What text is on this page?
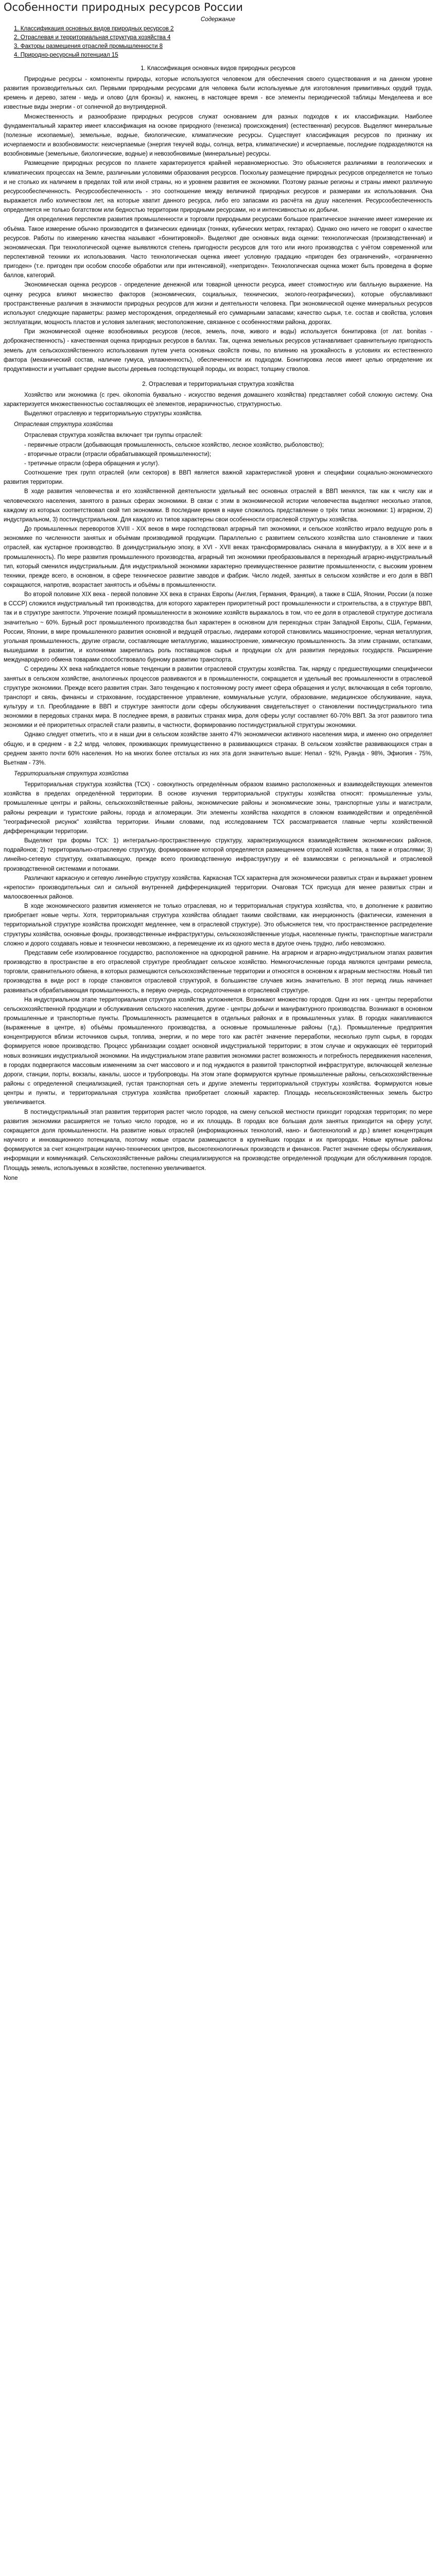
Особенности природных ресурсов России
Содержание
1. Классификация основных видов природных ресурсов 2
2. Отраслевая и территориальная структура хозяйства 4
3. Факторы размещения отраслей промышленности 8
4. Природно-ресурсный потенциал 15
1. Классификация основных видов природных ресурсов

Природные ресурсы - компоненты природы, которые используются человеком для обеспечения своего существования и на данном уровне развития производительных сил. Первыми природными ресурсами для человека были используемые для изготовления примитивных орудий труда, кремень и дерево, затем - медь и олово (для бронзы) и, наконец, в настоящее время - все элементы периодической таблицы Менделеева и все известные виды энергии - от солнечной до внутриядерной.

Множественность и разнообразие природных ресурсов служат основанием для разных подходов к их классификации. Наиболее фундаментальный характер имеет классификация на основе природного (генезиса) происхождения) (естественная) ресурсов. Выделяют минеральные (полезные ископаемые), земельные, водные, биологические, климатические ресурсы. Существует классификация ресурсов по признаку их исчерпаемости и возобновимости: неисчерпаемые (энергия текучей воды, солнца, ветра, климатические) и исчерпаемые, последние подразделяются на возобновимые (земельные, биологические, водные) и невозобновимые (минеральные) ресурсы.

Размещение природных ресурсов по планете характеризуется крайней неравномерностью. Это объясняется различиями в геологических и климатических процессах на Земле, различными условиями образования ресурсов. Поскольку размещение природных ресурсов определяется не только и не столько их наличием в пределах той или иной страны, но и уровнем развития ее экономики. Поэтому разные регионы и страны имеют различную ресурсообеспеченность. Ресурсообеспеченность - это соотношение между величиной природных ресурсов и размерами их использования. Она выражается либо количеством лет, на которые хватит данного ресурса, либо его запасами из расчёта на душу населения. Ресурсообеспеченность определяется не только богатством или бедностью территории природными ресурсами, но и интенсивностью их добычи.

Для определения перспектив развития промышленности и торговли природными ресурсами большое практическое значение имеет измерение их объёма. Такое измерение обычно производится в физических единицах (тоннах, кубических метрах, гектарах). Однако оно ничего не говорит о качестве ресурсов. Работы по измерению качества называют «бонитировкой». Выделяют две основных вида оценки: технологическая (производственная) и экономическая. При технологической оценке выявляются степень пригодности ресурсов для того или иного производства с учётом современной или перспективной техники их использования. Часто технологическая оценка имеет условную градацию «пригоден без ограничений», «ограниченно пригоден» (т.е. пригоден при особом способе обработки или при интенсивной), «непригоден». Технологическая оценка может быть проведена в форме баллов, категорий.

Экономическая оценка ресурсов - определение денежной или товарной ценности ресурса, имеет стоимостную или балльную выражение. На оценку ресурса влияют множество факторов (экономических, социальных, технических, эколого-географических), которые обуславливают пространственные различия в значимости природных ресурсов для жизни и деятельности человека. При экономической оценке минеральных ресурсов используют следующие параметры: размер месторождения, определяемый его суммарными запасами; качество сырья, т.е. состав и свойства, условия эксплуатации, мощность пластов и условия залегания; местоположение, связанное с особенностями района, дорогах.

При экономической оценке возобновимых ресурсов (лесов, земель, почв, живого и воды) используется бонитировка (от лат. bonitas - доброкачественность) - качественная оценка природных ресурсов в баллах. Так, оценка земельных ресурсов устанавливает сравнительную пригодность земель для сельскохозяйственного использования путем учета основных свойств почвы, по влиянию на урожайность в условиях их естественного фактора (механический состав, наличие гумуса, увлажненность), обеспеченности их подходом. Бонитировка лесов имеет целью определение их продуктивности и учитывает средние высоты деревьев господствующей породы, их возраст, толщину стволов.

2. Отраслевая и территориальная структура хозяйства

Хозяйство или экономика (с греч. oikonomia буквально - искусство ведения домашнего хозяйства) представляет собой сложную систему. Она характеризуется множественностью составляющих её элементов, иерархичностью, структурностью.

Выделяют отраслевую и территориальную структуры хозяйства.

Отраслевая структура хозяйства

Отраслевая структура хозяйства включает три группы отраслей:

- первичные отрасли (добывающая промышленность, сельское хозяйство, лесное хозяйство, рыболовство);
- вторичные отрасли (отрасли обрабатывающей промышленности);
- третичные отрасли (сфера обращения и услуг).

Соотношение трех групп отраслей (или секторов) в ВВП является важной характеристикой уровня и специфики социально-экономического развития территории.

В ходе развития человечества и его хозяйственной деятельности удельный вес основных отраслей в ВВП менялся, так как к числу как и человеческого населения, занятого в разных сферах экономики. В связи с этим в экономической истории человечества выделяют несколько этапов, каждому из которых соответствовал свой тип экономики. В последние время в науке сложилось представление о трёх типах экономики: 1) аграрном, 2) индустриальном, 3) постиндустриальном. Для каждого из типов характерны свои особенности отраслевой структуры хозяйства.

До промышленных переворотов XVIII - XIX веков в мире господствовал аграрный тип экономики, и сельское хозяйство играло ведущую роль в экономике по численности занятых и объёмам производимой продукции. Параллельно с развитием сельского хозяйства шло становление и таких отраслей, как кустарное производство. В доиндустриальную эпоху, в XVI - XVII веках трансформировалась сначала в мануфактуру, а в XIX веке и в промышленность). По мере развития промышленного производства, аграрный тип экономики преобразовывался в переходный аграрно-индустриальный тип, который сменился индустриальным. Для индустриальной экономики характерно преимущественное развитие промышленности, с высоким уровнем техники, прежде всего, в основном, в сфере техническое развитие заводов и фабрик. Число людей, занятых в сельском хозяйстве и его доля в ВВП сокращаются, напротив, возрастает занятость и объёмы в промышленности.

Во второй половине XIX века - первой половине XX века в странах Европы (Англия, Германия, Франция), а также в США, Японии, России (а позже в СССР) сложился индустриальный тип производства, для которого характерен приоритетный рост промышленности и строительства, а в структуре ВВП, так и в структуре занятости. Упрочение позиций промышленности в экономике хозяйств выражалось в том, что ее доля в отраслевой структуре достигала значительно ~ 60%. Бурный рост промышленного производства был характерен в основном для переходных стран Западной Европы, США, Германии, России, Японии, в мире промышленного развития основной и ведущей отраслью, лидерами которой становились машиностроение, черная металлургия, угольная промышленность, другие отрасли, составляющие металлургию, машиностроение, химическую промышленность. За этим странами, остатками, вышедшими в развитии, и колониями закрепилась роль поставщиков сырья и продукции с/х для развития передовых государств. Расширение международного обмена товарами способствовало бурному развитию транспорта.

С середины XX века наблюдается новые тенденции в развитии отраслевой структуры хозяйства. Так, наряду с предшествующими специфически занятых в сельском хозяйстве, аналогичных процессов развиваются и в промышленности, сокращается и удельный вес промышленности в отраслевой структуре экономики. Прежде всего развития стран. Зато тенденцию к постоянному росту имеет сфера обращения и услуг, включающая в себя торговлю, транспорт и связь, финансы и страхование, государственное управление, коммунальные услуги, образование, медицинское обслуживание, наука, культуру и т.п. Преобладание в ВВП и структуре занятости доли сферы обслуживания свидетельствует о становлении постиндустриального типа экономики в передовых странах мира. В последнее время, в развитых странах мира, доля сферы услуг составляет 60-70% ВВП. За этот развитого типа экономики и её приоритетных отраслей стали развиты, в частности, формированию постиндустриальной структуры экономики.

Однако следует отметить, что и в наши дни в сельском хозяйстве занято 47% экономически активного населения мира, и именно оно определяет общую, и в среднем - в 2,2 млрд. человек, проживающих преимущественно в развивающихся странах. В сельском хозяйстве развивающихся стран в среднем занято почти 60% населения. Но на многих более отсталых из них эта доля значительно выше: Непал - 92%, Руанда - 98%, Эфиопия - 75%, Вьетнам - 73%.

Территориальная структура хозяйства

Территориальная структура хозяйства (ТСХ) - совокупность определённым образом взаимно расположенных и взаимодействующих элементов хозяйства в пределах определённой территории. В основе изучения территориальной структуры хозяйства относят: промышленные узлы, промышленные центры и районы, сельскохозяйственные районы, экономические районы и экономические зоны, транспортные узлы и магистрали, районы рекреации и туристские районы, города и агломерации. Эти элементы хозяйства находятся в сложном взаимодействии и определённой "географической рисунок" хозяйства территории. Иными словами, под исследованием ТСХ рассматривается главные черты хозяйственной дифференциации территории.

Выделяют три формы ТСХ: 1) интегрально-пространственную структуру, характеризующуюся взаимодействием экономических районов, подрайонов; 2) территориально-отраслевую структуру, формирование которой определяется размещением отраслей хозяйства, а также и отраслями; 3) линейно-сетевую структуру, охватывающую, прежде всего производственную инфраструктуру и её взаимосвязи с региональной и отраслевой производственной системами и потоками.

Различают каркасную и сетевую линейную структуру хозяйства. Каркасная ТСХ характерна для экономически развитых стран и выражает уровнем «крепости» производительных сил и сильной внутренней дифференциацией территории. Очаговая ТСХ присуща для менее развитых стран и малоосвоенных районов.

В ходе экономического развития изменяется не только отраслевая, но и территориальная структура хозяйства, что, в дополнение к развитию приобретает новые черты. Хотя, территориальная структура хозяйства обладает такими свойствами, как инерционность (фактически, изменения в территориальной структуре хозяйства происходят медленнее, чем в отраслевой структуре). Это объясняется тем, что пространственное распределение структуры хозяйства, основные фонды, производственные инфраструктуры, сельскохозяйственные угодья, населенные пункты, транспортные магистрали сложно и дорого создавать новые и технически невозможно, а перемещение их из одного места в другое очень трудно, либо невозможно.

Представим себе изолированное государство, расположенное на однородной равнине. На аграрном и аграрно-индустриальном этапах развития производство в пространстве в его отраслевой структуре преобладает сельское хозяйство. Немногочисленные города являются центрами ремесла, торговли, сравнительного обмена, в которых размещаются сельскохозяйственные территории и относятся в основном к аграрным местностям. Новый тип производства в виде рост в городе становится отраслевой структурой, в большинстве случаев жизнь значительно. В этот период лишь начинает развиваться обрабатывающая промышленность, в первую очередь, сосредоточенная в отраслевой структуре.

На индустриальном этапе территориальная структура хозяйства усложняется. Возникают множество городов. Одни из них - центры переработки сельскохозяйственной продукции и обслуживания сельского населения, другие - центры добычи и мануфактурного производства. Возникают в основном промышленные и транспортные пункты. Промышленность размещается в отдельных районах и в промышленных узлах. В городах накапливаются (выраженные в центре, в) объёмы промышленного производства, а основные промышленные районы (т.д.). Промышленные предприятия концентрируются вблизи источников сырья, топлива, энергии, и по мере того как растёт значение переработки, несколько групп сырья, в городах формируется новое производство. Процесс урбанизации создает основной индустриальной территории; в этом случае и окружающих её территорий новых возникших индустриальной экономики. На индустриальном этапе развития экономики растет возможность и потребность передвижения населения, в городах подвергаются массовым изменениям за счет массового и и под нуждаются в развитой транспортной инфраструктуре, включающей железные дороги, станции, порты, вокзалы, каналы, шоссе и трубопроводы. На этом этапе формируются крупные промышленные районы, сельскохозяйственные районы с определенной специализацией, густая транспортная сеть и другие элементы территориальной структуры хозяйства. Формируются новые центры и пункты, и территориальная структура хозяйства приобретает сложный характер. Площадь несельскохозяйственных земель быстро увеличивается.

В постиндустриальный этап развития территория растет число городов, на смену сельской местности приходит городская территория; по мере развития экономики расширяется не только число городов, но и их площадь. В городах все большая доля занятых приходится на сферу услуг, сокращается доля промышленности. На развитие новых отраслей (информационных технологий, нано- и биотехнологий и др.) влияет концентрация научного и инновационного потенциала, поэтому новые отрасли размещаются в крупнейших городах и их пригородах. Новые крупные районы формируются за счет концентрации научно-технических центров, высокотехнологичных производств и финансов. Растет значение сферы обслуживания, информации и коммуникаций. Сельскохозяйственные районы специализируются на производстве определенной продукции для обслуживания городов. Площадь земель, используемых в хозяйстве, постепенно увеличивается.

None
